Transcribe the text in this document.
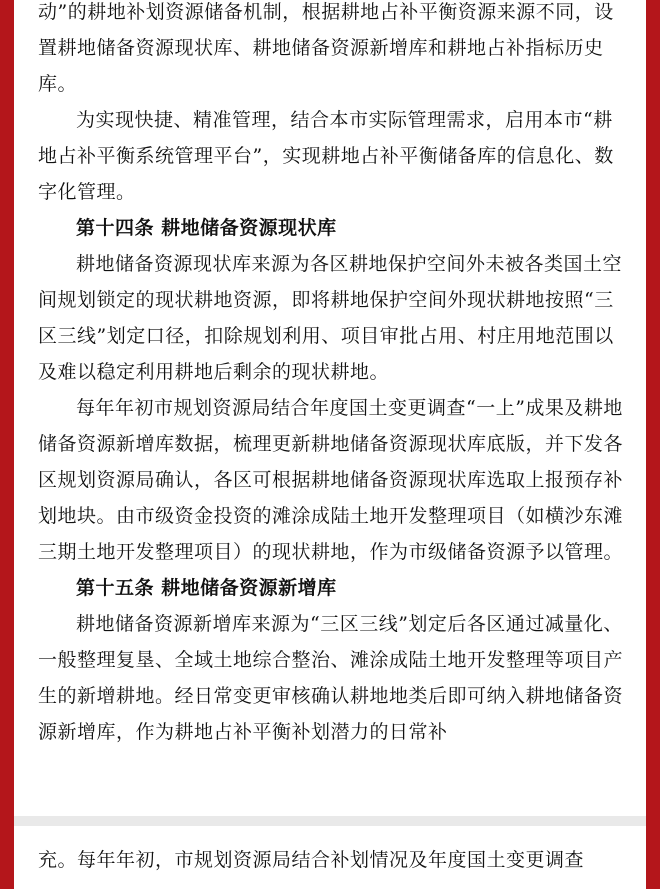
动”的耕地补划资源储备机制，根据耕地占补平衡资源来源不同，设置耕地储备资源现状库、耕地储备资源新增库和耕地占补指标历史库。

为实现快捷、精准管理，结合本市实际管理需求，启用本市“耕地占补平衡系统管理平台”，实现耕地占补平衡储备库的信息化、数字化管理。

第十四条 耕地储备资源现状库

耕地储备资源现状库来源为各区耕地保护空间外未被各类国土空间规划锁定的现状耕地资源，即将耕地保护空间外现状耕地按照“三区三线”划定口径，扣除规划利用、项目审批占用、村庄用地范围以及难以稳定利用耕地后剩余的现状耕地。

每年年初市规划资源局结合年度国土变更调查“一上”成果及耕地储备资源新增库数据，梳理更新耕地储备资源现状库底版，并下发各区规划资源局确认，各区可根据耕地储备资源现状库选取上报预存补划地块。由市级资金投资的滩涂成陆土地开发整理项目（如横沙东滩三期土地开发整理项目）的现状耕地，作为市级储备资源予以管理。

第十五条 耕地储备资源新增库

耕地储备资源新增库来源为“三区三线”划定后各区通过减量化、一般整理复垦、全域土地综合整治、滩涂成陆土地开发整理等项目产生的新增耕地。经日常变更审核确认耕地地类后即可纳入耕地储备资源新增库，作为耕地占补平衡补划潜力的日常补

充。每年年初，市规划资源局结合补划情况及年度国土变更调查
